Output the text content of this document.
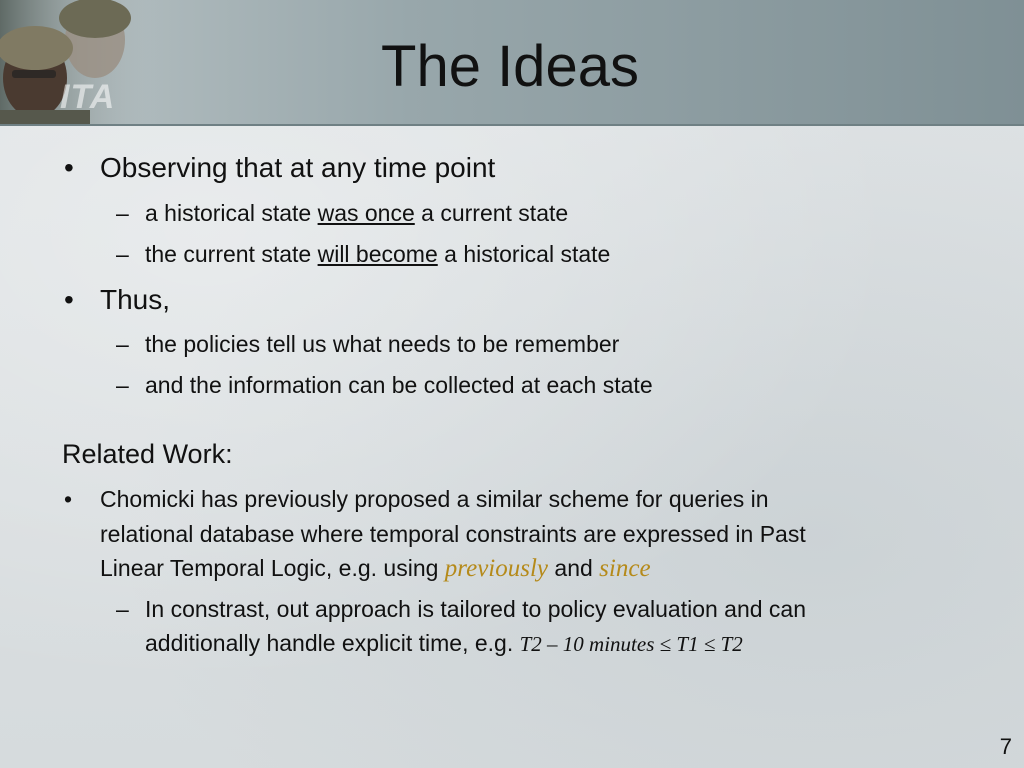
ITA	The Ideas
• Observing that at any time point
– a historical state was once a current state
– the current state will become a historical state
• Thus,
– the policies tell us what needs to be remember
– and the information can be collected at each state
Related Work:
• Chomicki has previously proposed a similar scheme for queries in
relational database where temporal constraints are expressed in Past
Linear Temporal Logic, e.g. using previously and since
– In constrast, out approach is tailored to policy evaluation and can
additionally handle explicit time, e.g. T2 – 10 minutes ≤ T1 ≤ T2
7
